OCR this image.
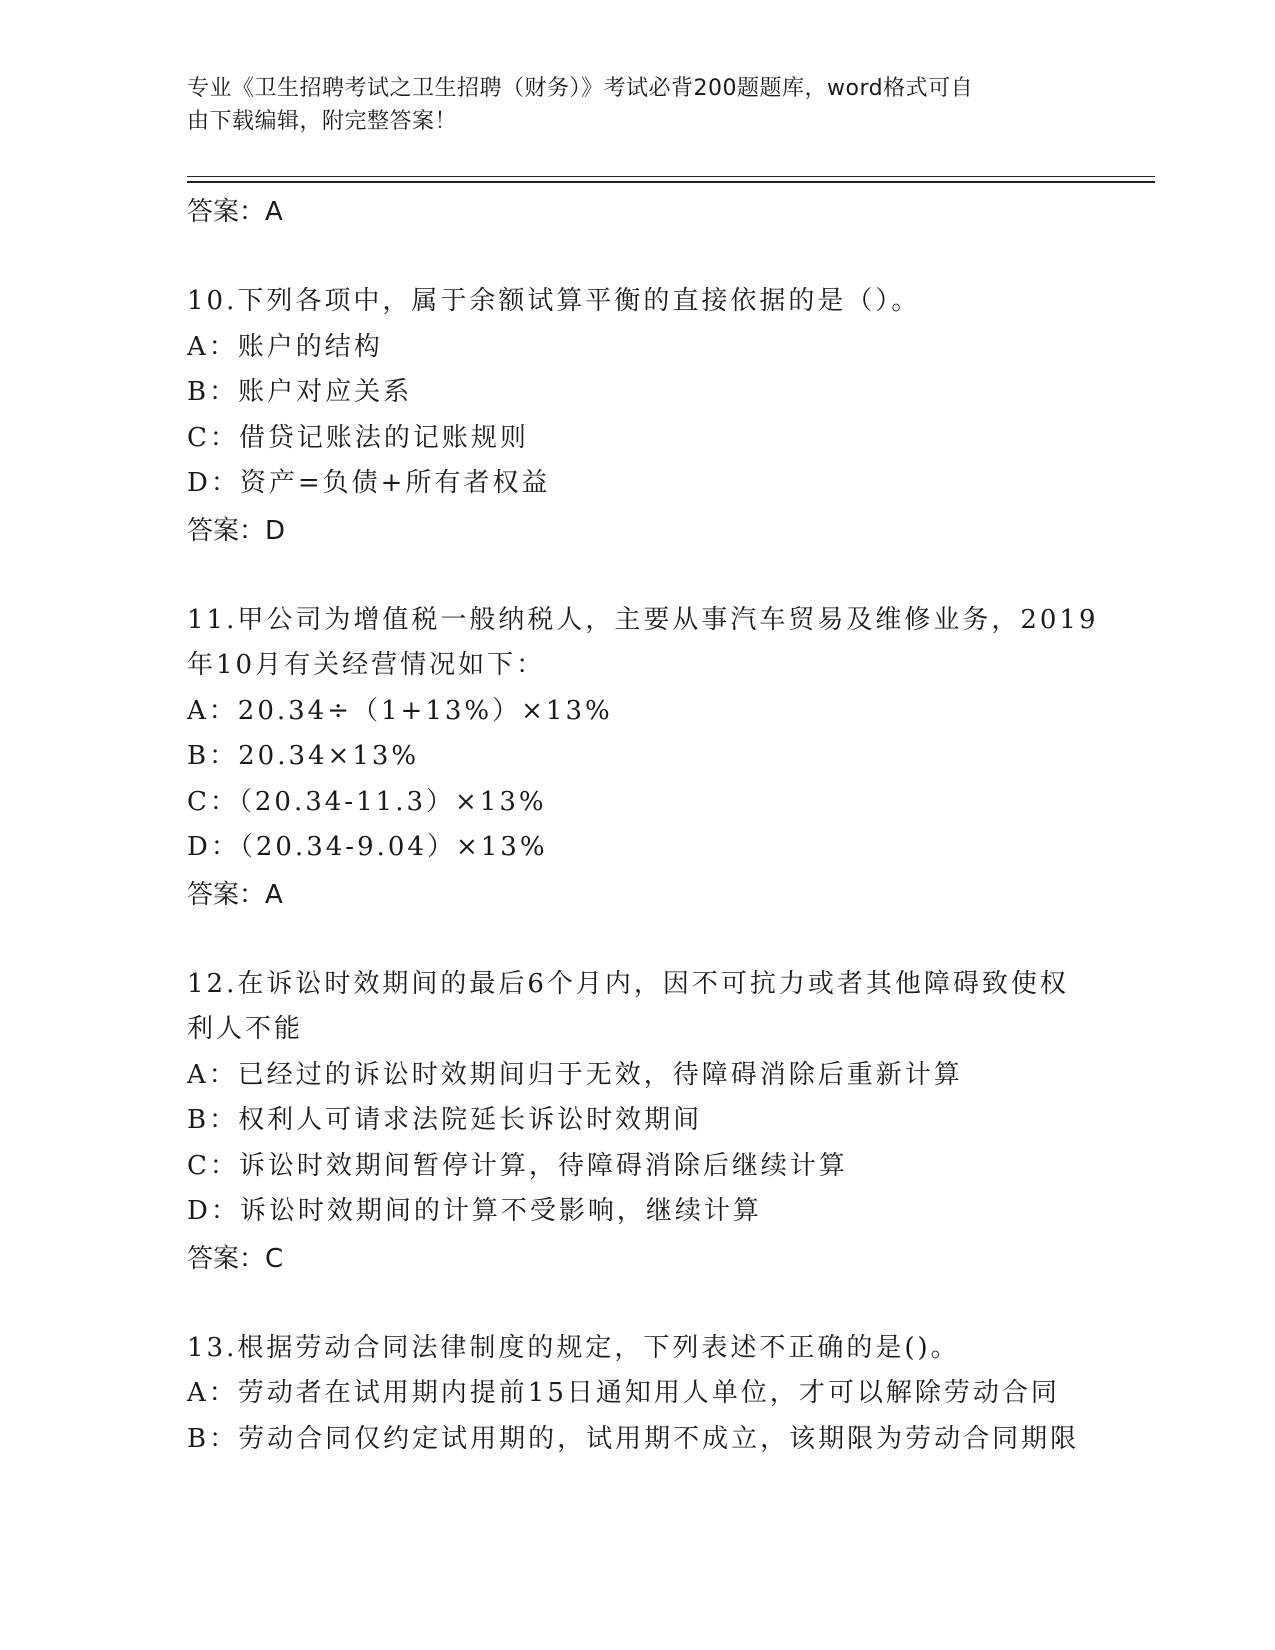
专业《卫生招聘考试之卫生招聘（财务）》考试必背200题题库，word格式可自
由下载编辑，附完整答案！
答案：A
10.下列各项中，属于余额试算平衡的直接依据的是（）。
A：账户的结构
B：账户对应关系
C：借贷记账法的记账规则
D：资产=负债+所有者权益
答案：D
11.甲公司为增值税一般纳税人，主要从事汽车贸易及维修业务，2019
年10月有关经营情况如下：
A：20.34÷（1+13%）×13%
B：20.34×13%
C：（20.34-11.3）×13%
D：（20.34-9.04）×13%
答案：A
12.在诉讼时效期间的最后6个月内，因不可抗力或者其他障碍致使权
利人不能
A：已经过的诉讼时效期间归于无效，待障碍消除后重新计算
B：权利人可请求法院延长诉讼时效期间
C：诉讼时效期间暂停计算，待障碍消除后继续计算
D：诉讼时效期间的计算不受影响，继续计算
答案：C
13.根据劳动合同法律制度的规定，下列表述不正确的是()。
A：劳动者在试用期内提前15日通知用人单位，才可以解除劳动合同
B：劳动合同仅约定试用期的，试用期不成立，该期限为劳动合同期限
